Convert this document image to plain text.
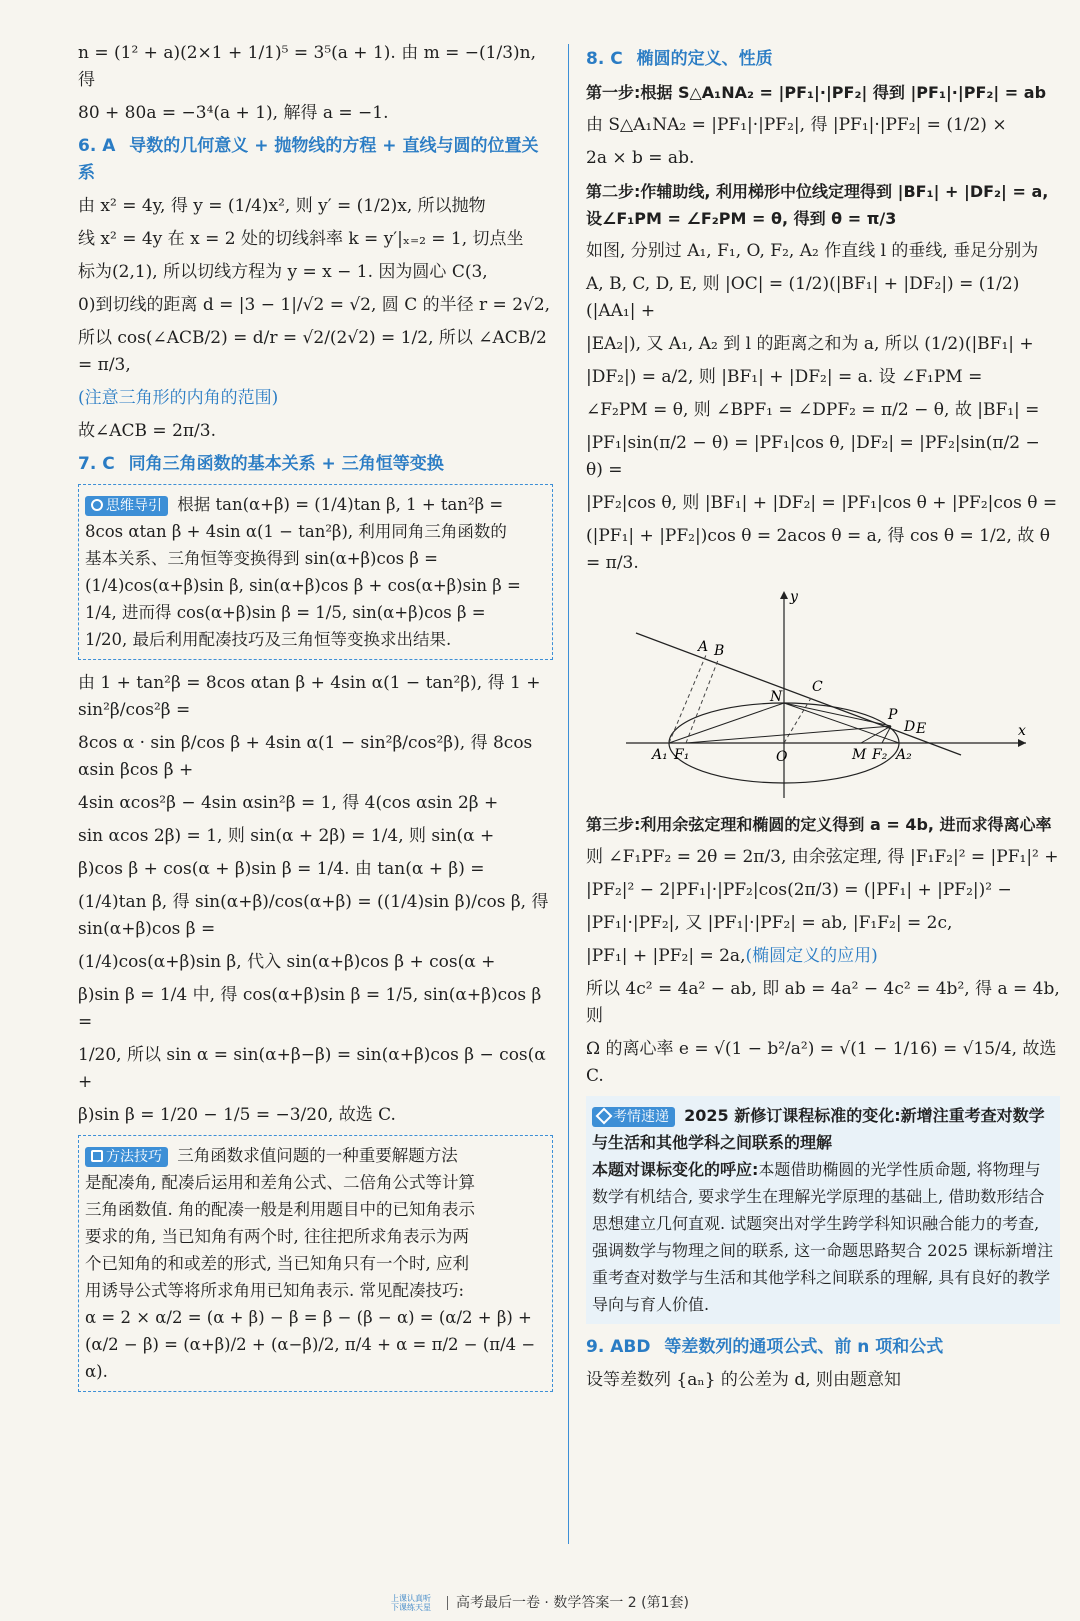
n = (1² + a)(2×1 + 1/1)⁵ = 3⁵(a + 1). 由 m = −(1/3)n, 得

80 + 80a = −3⁴(a + 1), 解得 a = −1.

6. A 导数的几何意义 + 抛物线的方程 + 直线与圆的位置关系

由 x² = 4y, 得 y = (1/4)x², 则 y′ = (1/2)x, 所以抛物

线 x² = 4y 在 x = 2 处的切线斜率 k = y′|ₓ₌₂ = 1, 切点坐

标为(2,1), 所以切线方程为 y = x − 1. 因为圆心 C(3,

0)到切线的距离 d = |3 − 1|/√2 = √2, 圆 C 的半径 r = 2√2,

所以 cos(∠ACB/2) = d/r = √2/(2√2) = 1/2, 所以 ∠ACB/2 = π/3,

(注意三角形的内角的范围)

故∠ACB = 2π/3.

7. C 同角三角函数的基本关系 + 三角恒等变换
思维导引 根据 tan(α+β) = (1/4)tan β, 1 + tan²β =

8cos αtan β + 4sin α(1 − tan²β), 利用同角三角函数的

基本关系、三角恒等变换得到 sin(α+β)cos β =

(1/4)cos(α+β)sin β, sin(α+β)cos β + cos(α+β)sin β =

1/4, 进而得 cos(α+β)sin β = 1/5, sin(α+β)cos β =

1/20, 最后利用配凑技巧及三角恒等变换求出结果.

由 1 + tan²β = 8cos αtan β + 4sin α(1 − tan²β), 得 1 + sin²β/cos²β =

8cos α · sin β/cos β + 4sin α(1 − sin²β/cos²β), 得 8cos αsin βcos β +

4sin αcos²β − 4sin αsin²β = 1, 得 4(cos αsin 2β +

sin αcos 2β) = 1, 则 sin(α + 2β) = 1/4, 则 sin(α +

β)cos β + cos(α + β)sin β = 1/4. 由 tan(α + β) =

(1/4)tan β, 得 sin(α+β)/cos(α+β) = ((1/4)sin β)/cos β, 得 sin(α+β)cos β =

(1/4)cos(α+β)sin β, 代入 sin(α+β)cos β + cos(α +

β)sin β = 1/4 中, 得 cos(α+β)sin β = 1/5, sin(α+β)cos β =

1/20, 所以 sin α = sin(α+β−β) = sin(α+β)cos β − cos(α +

β)sin β = 1/20 − 1/5 = −3/20, 故选 C.

方法技巧 三角函数求值问题的一种重要解题方法

是配凑角, 配凑后运用和差角公式、二倍角公式等计算

三角函数值. 角的配凑一般是利用题目中的已知角表示

要求的角, 当已知角有两个时, 往往把所求角表示为两

个已知角的和或差的形式, 当已知角只有一个时, 应利

用诱导公式等将所求角用已知角表示. 常见配凑技巧:

α = 2 × α/2 = (α + β) − β = β − (β − α) = (α/2 + β) +

(α/2 − β) = (α+β)/2 + (α−β)/2, π/4 + α = π/2 − (π/4 − α).

8. C 椭圆的定义、性质

第一步:根据 S△A₁NA₂ = |PF₁|·|PF₂| 得到 |PF₁|·|PF₂| = ab

由 S△A₁NA₂ = |PF₁|·|PF₂|, 得 |PF₁|·|PF₂| = (1/2) ×

2a × b = ab.

第二步:作辅助线, 利用梯形中位线定理得到 |BF₁| + |DF₂| = a, 设∠F₁PM = ∠F₂PM = θ, 得到 θ = π/3

如图, 分别过 A₁, F₁, O, F₂, A₂ 作直线 l 的垂线, 垂足分别为

A, B, C, D, E, 则 |OC| = (1/2)(|BF₁| + |DF₂|) = (1/2)(|AA₁| +

|EA₂|), 又 A₁, A₂ 到 l 的距离之和为 a, 所以 (1/2)(|BF₁| +

|DF₂|) = a/2, 则 |BF₁| + |DF₂| = a. 设 ∠F₁PM =

∠F₂PM = θ, 则 ∠BPF₁ = ∠DPF₂ = π/2 − θ, 故 |BF₁| =

|PF₁|sin(π/2 − θ) = |PF₁|cos θ, |DF₂| = |PF₂|sin(π/2 − θ) =

|PF₂|cos θ, 则 |BF₁| + |DF₂| = |PF₁|cos θ + |PF₂|cos θ =

(|PF₁| + |PF₂|)cos θ = 2acos θ = a, 得 cos θ = 1/2, 故 θ = π/3.

y
x
A B
C
N
P
D E
O	M
A₁ F₁	F₂ A₂

第三步:利用余弦定理和椭圆的定义得到 a = 4b, 进而求得离心率

则 ∠F₁PF₂ = 2θ = 2π/3, 由余弦定理, 得 |F₁F₂|² = |PF₁|² +

|PF₂|² − 2|PF₁|·|PF₂|cos(2π/3) = (|PF₁| + |PF₂|)² −

|PF₁|·|PF₂|, 又 |PF₁|·|PF₂| = ab, |F₁F₂| = 2c,

|PF₁| + |PF₂| = 2a,(椭圆定义的应用)

所以 4c² = 4a² − ab, 即 ab = 4a² − 4c² = 4b², 得 a = 4b, 则

Ω 的离心率 e = √(1 − b²/a²) = √(1 − 1/16) = √15/4, 故选 C.

考情速递 2025 新修订课程标准的变化:新增注重考查对数学与生活和其他学科之间联系的理解

本题对课标变化的呼应:本题借助椭圆的光学性质命题, 将物理与数学有机结合, 要求学生在理解光学原理的基础上, 借助数形结合思想建立几何直观. 试题突出对学生跨学科知识融合能力的考查, 强调数学与物理之间的联系, 这一命题思路契合 2025 课标新增注重考查对数学与生活和其他学科之间联系的理解, 具有良好的教学导向与育人价值.

9. ABD 等差数列的通项公式、前 n 项和公式

设等差数列 {aₙ} 的公差为 d, 则由题意知

上课认真听
下课练天星 高考最后一卷 · 数学答案一 2 (第1套)
